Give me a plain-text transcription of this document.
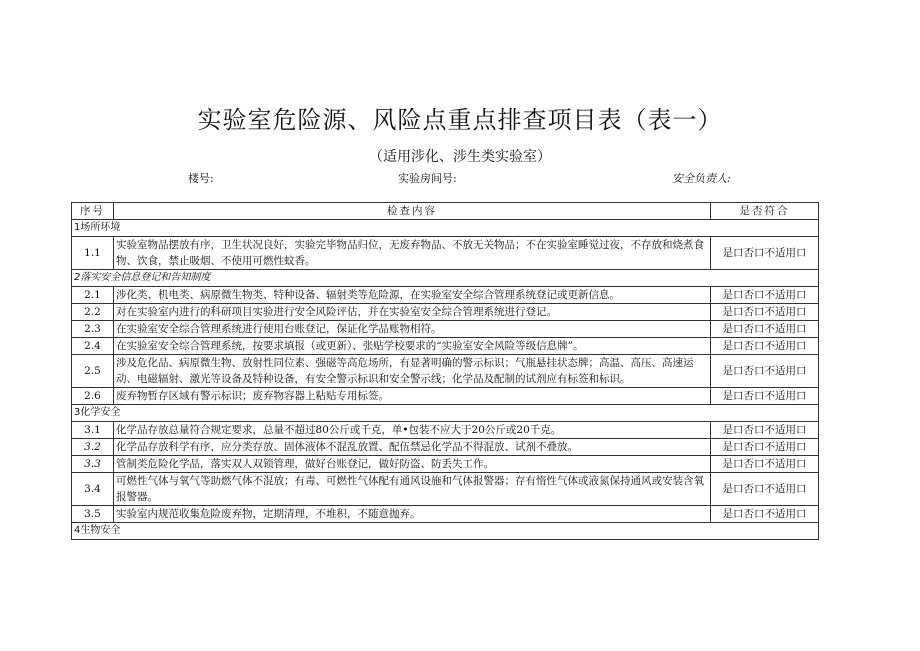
实验室危险源、风险点重点排查项目表（表一）
（适用涉化、涉生类实验室）
楼号:	实验房间号:	安全负责人:
序号	检查内容	是否符合
1场所环境		
1.1	实验室物品摆放有序，卫生状况良好，实验完毕物品归位，无废弃物品、不放无关物品；不在实验室睡觉过夜，不存放和烧煮食物、饮食，禁止吸烟、不使用可燃性蚊香。	是口否口不适用口
2落实安全信息登记和告知制度		
2.1	涉化类、机电类、病原微生物类、特种设备、辐射类等危险源，在实验室安全综合管理系统登记或更新信息。	是口否口不适用口
2.2	对在实验室内进行的科研项目实验进行安全风险评估，并在实验室安全综合管理系统进行登记。	是口否口不适用口
2.3	在实验室安全综合管理系统进行使用台账登记，保证化学品账物相符。	是口否口不适用口
2.4	在实验室安全综合管理系统，按要求填报（或更新）、张贴学校要求的“实验室安全风险等级信息牌”。	是口否口不适用口
2.5	涉及危化品、病原微生物、放射性同位素、强磁等高危场所，有显著明确的警示标识；气瓶悬挂状态牌；高温、高压、高速运动、电磁辐射、激光等设备及特种设备，有安全警示标识和安全警示线；化学品及配制的试剂应有标签和标识。	是口否口不适用口
2.6	废弃物暂存区域有警示标识；废弃物容器上粘贴专用标签。	是口否口不适用口
3化学安全		
3.1	化学品存放总量符合规定要求，总量不超过80公斤或千克，单•包装不应大于20公斤或20千克。	是口否口不适用口
3.2	化学品存放科学有序，应分类存放、固体液体不混乱放置、配伍禁忌化学品不得混放、试剂不叠放。	是口否口不适用口
3.3	管制类危险化学品，落实双人双锁管理，做好台账登记，做好防盗、防丢失工作。	是口否口不适用口
3.4	可燃性气体与氧气等助燃气体不混放；有毒、可燃性气体配有通风设施和气体报警器；存有惰性气体或液氮保持通风或安装含氧报警器。	是口否口不适用口
3.5	实验室内规范收集危险废弃物，定期清理，不堆积，不随意抛弃。	是口否口不适用口
4生物安全		
